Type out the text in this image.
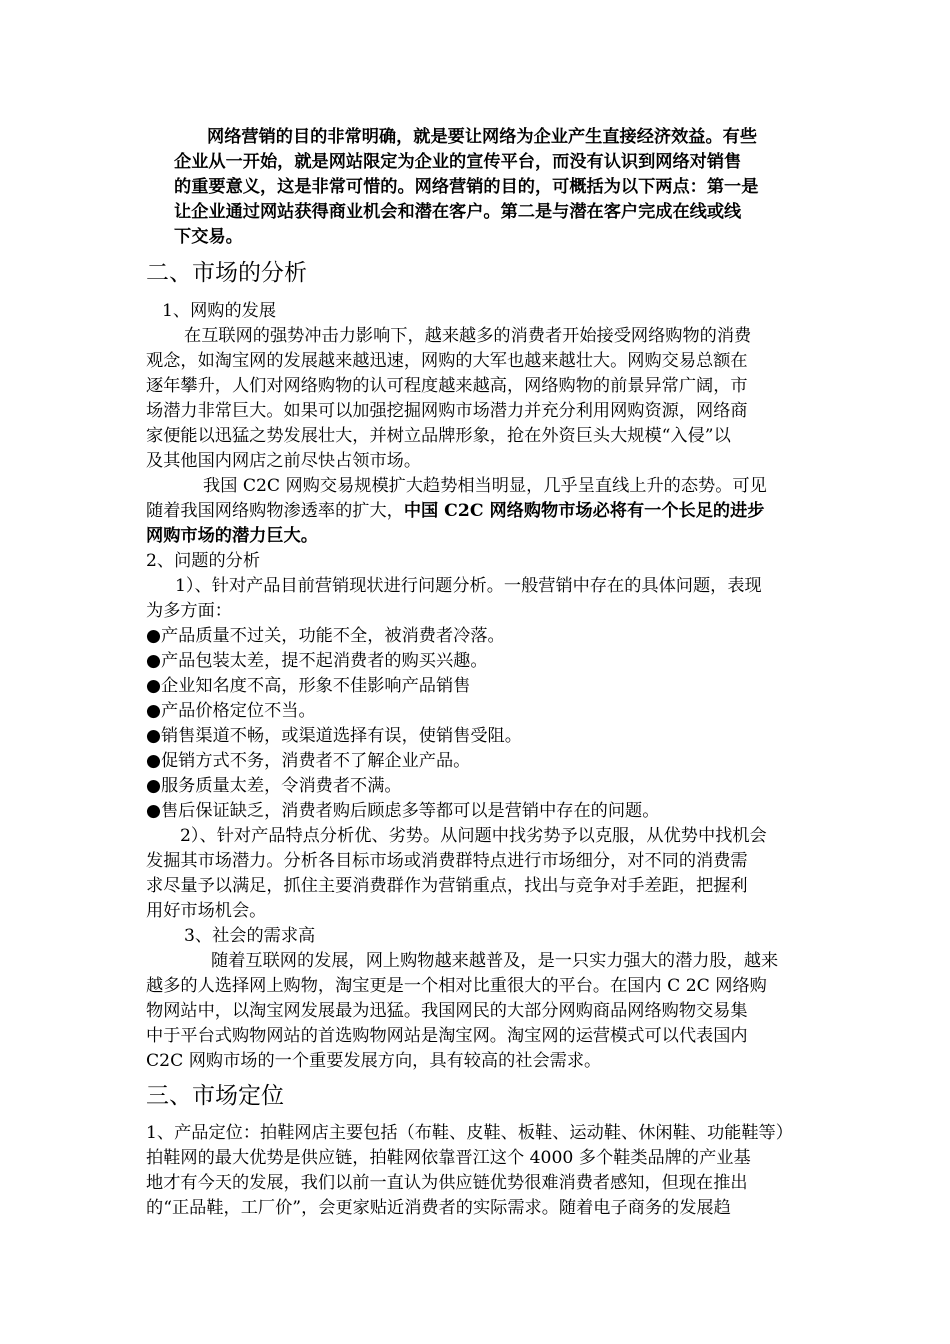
网络营销的目的非常明确，就是要让网络为企业产生直接经济效益。有些
企业从一开始，就是网站限定为企业的宣传平台，而没有认识到网络对销售
的重要意义，这是非常可惜的。网络营销的目的，可概括为以下两点：第一是
让企业通过网站获得商业机会和潜在客户。第二是与潜在客户完成在线或线
下交易。
二、市场的分析
1、网购的发展
在互联网的强势冲击力影响下，越来越多的消费者开始接受网络购物的消费
观念，如淘宝网的发展越来越迅速，网购的大军也越来越壮大。网购交易总额在
逐年攀升，人们对网络购物的认可程度越来越高，网络购物的前景异常广阔，市
场潜力非常巨大。如果可以加强挖掘网购市场潜力并充分利用网购资源，网络商
家便能以迅猛之势发展壮大，并树立品牌形象，抢在外资巨头大规模“入侵”以
及其他国内网店之前尽快占领市场。
我国 C2C 网购交易规模扩大趋势相当明显，几乎呈直线上升的态势。可见
随着我国网络购物渗透率的扩大，中国 C2C 网络购物市场必将有一个长足的进步
网购市场的潜力巨大。
2、问题的分析
1）、针对产品目前营销现状进行问题分析。一般营销中存在的具体问题，表现
为多方面：
●产品质量不过关，功能不全，被消费者冷落。
●产品包装太差，提不起消费者的购买兴趣。
●企业知名度不高，形象不佳影响产品销售
●产品价格定位不当。
●销售渠道不畅，或渠道选择有误，使销售受阻。
●促销方式不务，消费者不了解企业产品。
●服务质量太差，令消费者不满。
●售后保证缺乏，消费者购后顾虑多等都可以是营销中存在的问题。
2）、针对产品特点分析优、劣势。从问题中找劣势予以克服，从优势中找机会
发掘其市场潜力。分析各目标市场或消费群特点进行市场细分，对不同的消费需
求尽量予以满足，抓住主要消费群作为营销重点，找出与竞争对手差距，把握利
用好市场机会。
3、社会的需求高
随着互联网的发展，网上购物越来越普及，是一只实力强大的潜力股，越来
越多的人选择网上购物，淘宝更是一个相对比重很大的平台。在国内 C 2C 网络购
物网站中，以淘宝网发展最为迅猛。我国网民的大部分网购商品网络购物交易集
中于平台式购物网站的首选购物网站是淘宝网。淘宝网的运营模式可以代表国内
C2C 网购市场的一个重要发展方向，具有较高的社会需求。
三、市场定位
1、产品定位：拍鞋网店主要包括（布鞋、皮鞋、板鞋、运动鞋、休闲鞋、功能鞋等）
拍鞋网的最大优势是供应链，拍鞋网依靠晋江这个 4000 多个鞋类品牌的产业基
地才有今天的发展，我们以前一直认为供应链优势很难消费者感知，但现在推出
的“正品鞋，工厂价”，会更家贴近消费者的实际需求。随着电子商务的发展趋
